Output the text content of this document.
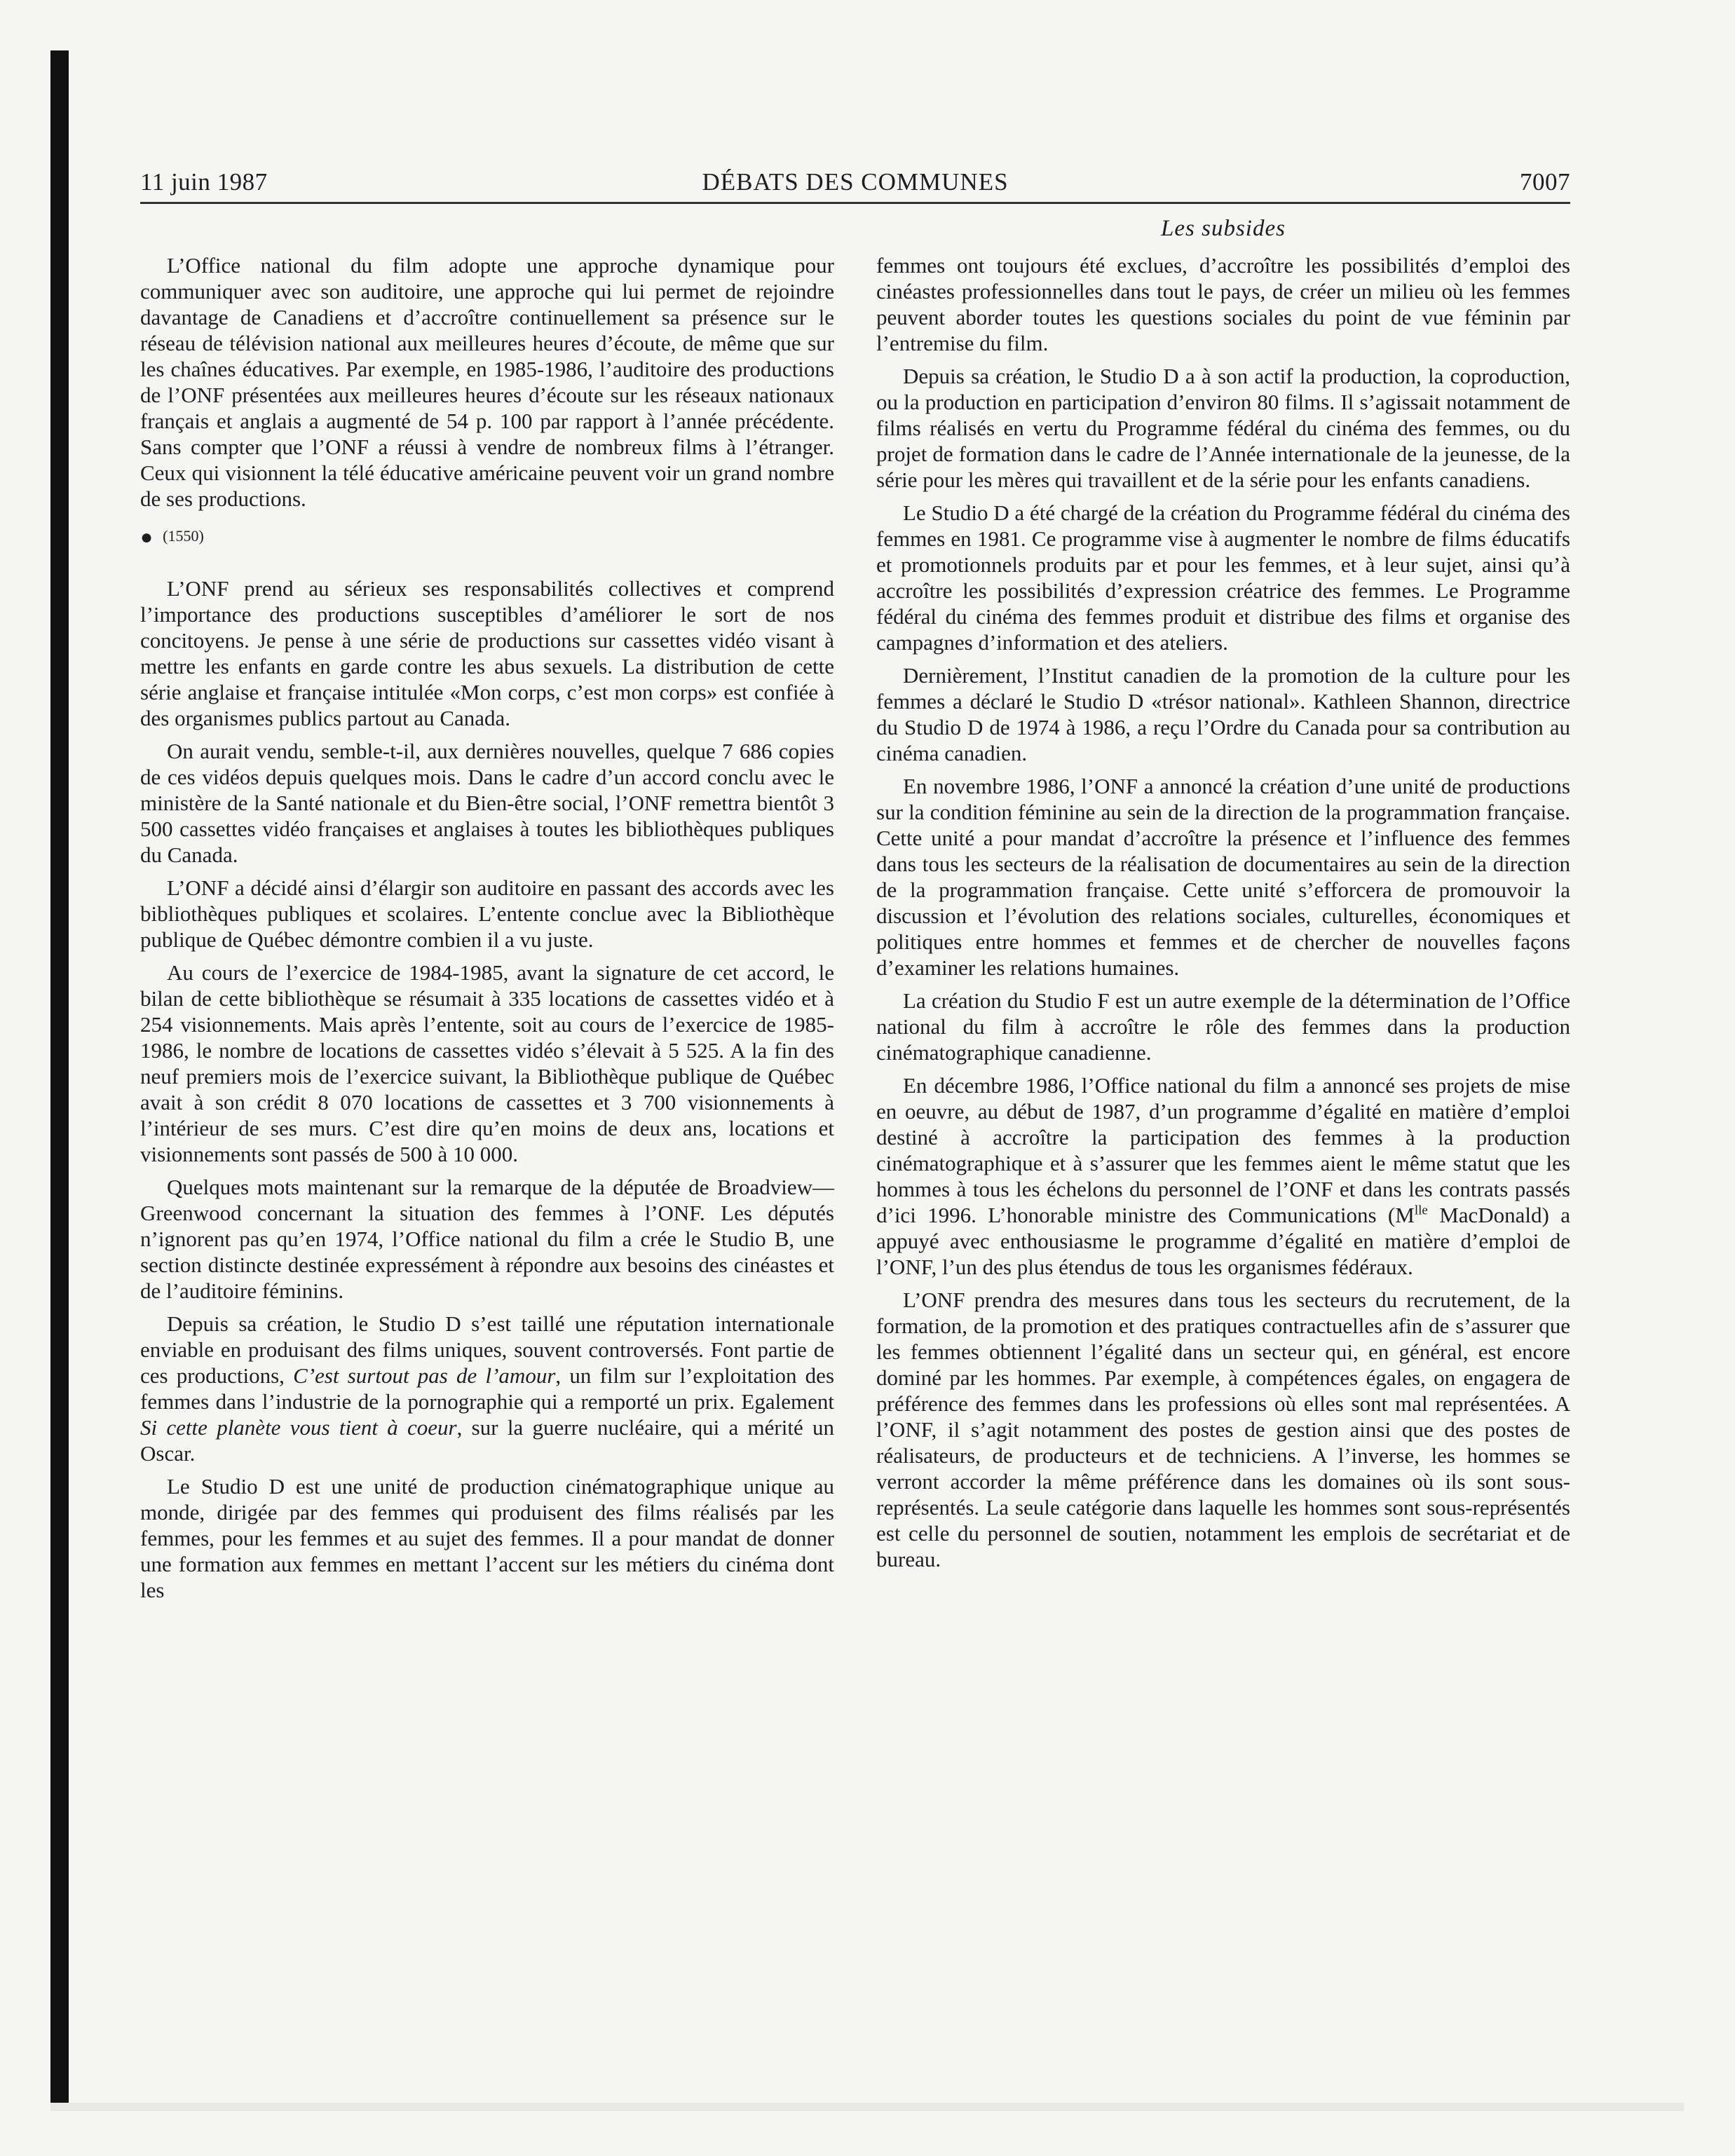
11 juin 1987	DÉBATS DES COMMUNES	7007
Les subsides

L’Office national du film adopte une approche dynamique pour communiquer avec son auditoire, une approche qui lui permet de rejoindre davantage de Canadiens et d’accroître continuellement sa présence sur le réseau de télévision national aux meilleures heures d’écoute, de même que sur les chaînes éducatives. Par exemple, en 1985-1986, l’auditoire des productions de l’ONF présentées aux meilleures heures d’écoute sur les réseaux nationaux français et anglais a augmenté de 54 p. 100 par rapport à l’année précédente. Sans compter que l’ONF a réussi à vendre de nombreux films à l’étranger. Ceux qui visionnent la télé éducative américaine peuvent voir un grand nombre de ses productions.

● (1550)

L’ONF prend au sérieux ses responsabilités collectives et comprend l’importance des productions susceptibles d’améliorer le sort de nos concitoyens. Je pense à une série de productions sur cassettes vidéo visant à mettre les enfants en garde contre les abus sexuels. La distribution de cette série anglaise et française intitulée «Mon corps, c’est mon corps» est confiée à des organismes publics partout au Canada.

On aurait vendu, semble-t-il, aux dernières nouvelles, quelque 7 686 copies de ces vidéos depuis quelques mois. Dans le cadre d’un accord conclu avec le ministère de la Santé nationale et du Bien-être social, l’ONF remettra bientôt 3 500 cassettes vidéo françaises et anglaises à toutes les bibliothèques publiques du Canada.

L’ONF a décidé ainsi d’élargir son auditoire en passant des accords avec les bibliothèques publiques et scolaires. L’entente conclue avec la Bibliothèque publique de Québec démontre combien il a vu juste.

Au cours de l’exercice de 1984-1985, avant la signature de cet accord, le bilan de cette bibliothèque se résumait à 335 locations de cassettes vidéo et à 254 visionnements. Mais après l’entente, soit au cours de l’exercice de 1985-1986, le nombre de locations de cassettes vidéo s’élevait à 5 525. A la fin des neuf premiers mois de l’exercice suivant, la Bibliothèque publique de Québec avait à son crédit 8 070 locations de cassettes et 3 700 visionnements à l’intérieur de ses murs. C’est dire qu’en moins de deux ans, locations et visionnements sont passés de 500 à 10 000.

Quelques mots maintenant sur la remarque de la députée de Broadview—Greenwood concernant la situation des femmes à l’ONF. Les députés n’ignorent pas qu’en 1974, l’Office national du film a crée le Studio B, une section distincte destinée expressément à répondre aux besoins des cinéastes et de l’auditoire féminins.

Depuis sa création, le Studio D s’est taillé une réputation internationale enviable en produisant des films uniques, souvent controversés. Font partie de ces productions, C’est surtout pas de l’amour, un film sur l’exploitation des femmes dans l’industrie de la pornographie qui a remporté un prix. Egalement Si cette planète vous tient à coeur, sur la guerre nucléaire, qui a mérité un Oscar.

Le Studio D est une unité de production cinématographique unique au monde, dirigée par des femmes qui produisent des films réalisés par les femmes, pour les femmes et au sujet des femmes. Il a pour mandat de donner une formation aux femmes en mettant l’accent sur les métiers du cinéma dont les

femmes ont toujours été exclues, d’accroître les possibilités d’emploi des cinéastes professionnelles dans tout le pays, de créer un milieu où les femmes peuvent aborder toutes les questions sociales du point de vue féminin par l’entremise du film.

Depuis sa création, le Studio D a à son actif la production, la coproduction, ou la production en participation d’environ 80 films. Il s’agissait notamment de films réalisés en vertu du Programme fédéral du cinéma des femmes, ou du projet de formation dans le cadre de l’Année internationale de la jeunesse, de la série pour les mères qui travaillent et de la série pour les enfants canadiens.

Le Studio D a été chargé de la création du Programme fédéral du cinéma des femmes en 1981. Ce programme vise à augmenter le nombre de films éducatifs et promotionnels produits par et pour les femmes, et à leur sujet, ainsi qu’à accroître les possibilités d’expression créatrice des femmes. Le Programme fédéral du cinéma des femmes produit et distribue des films et organise des campagnes d’information et des ateliers.

Dernièrement, l’Institut canadien de la promotion de la culture pour les femmes a déclaré le Studio D «trésor national». Kathleen Shannon, directrice du Studio D de 1974 à 1986, a reçu l’Ordre du Canada pour sa contribution au cinéma canadien.

En novembre 1986, l’ONF a annoncé la création d’une unité de productions sur la condition féminine au sein de la direction de la programmation française. Cette unité a pour mandat d’accroître la présence et l’influence des femmes dans tous les secteurs de la réalisation de documentaires au sein de la direction de la programmation française. Cette unité s’efforcera de promouvoir la discussion et l’évolution des relations sociales, culturelles, économiques et politiques entre hommes et femmes et de chercher de nouvelles façons d’examiner les relations humaines.

La création du Studio F est un autre exemple de la détermination de l’Office national du film à accroître le rôle des femmes dans la production cinématographique canadienne.

En décembre 1986, l’Office national du film a annoncé ses projets de mise en oeuvre, au début de 1987, d’un programme d’égalité en matière d’emploi destiné à accroître la participation des femmes à la production cinématographique et à s’assurer que les femmes aient le même statut que les hommes à tous les échelons du personnel de l’ONF et dans les contrats passés d’ici 1996. L’honorable ministre des Communications ($M^{lle}$ MacDonald) a appuyé avec enthousiasme le programme d’égalité en matière d’emploi de l’ONF, l’un des plus étendus de tous les organismes fédéraux.

L’ONF prendra des mesures dans tous les secteurs du recrutement, de la formation, de la promotion et des pratiques contractuelles afin de s’assurer que les femmes obtiennent l’égalité dans un secteur qui, en général, est encore dominé par les hommes. Par exemple, à compétences égales, on engagera de préférence des femmes dans les professions où elles sont mal représentées. A l’ONF, il s’agit notamment des postes de gestion ainsi que des postes de réalisateurs, de producteurs et de techniciens. A l’inverse, les hommes se verront accorder la même préférence dans les domaines où ils sont sous-représentés. La seule catégorie dans laquelle les hommes sont sous-représentés est celle du personnel de soutien, notamment les emplois de secrétariat et de bureau.
